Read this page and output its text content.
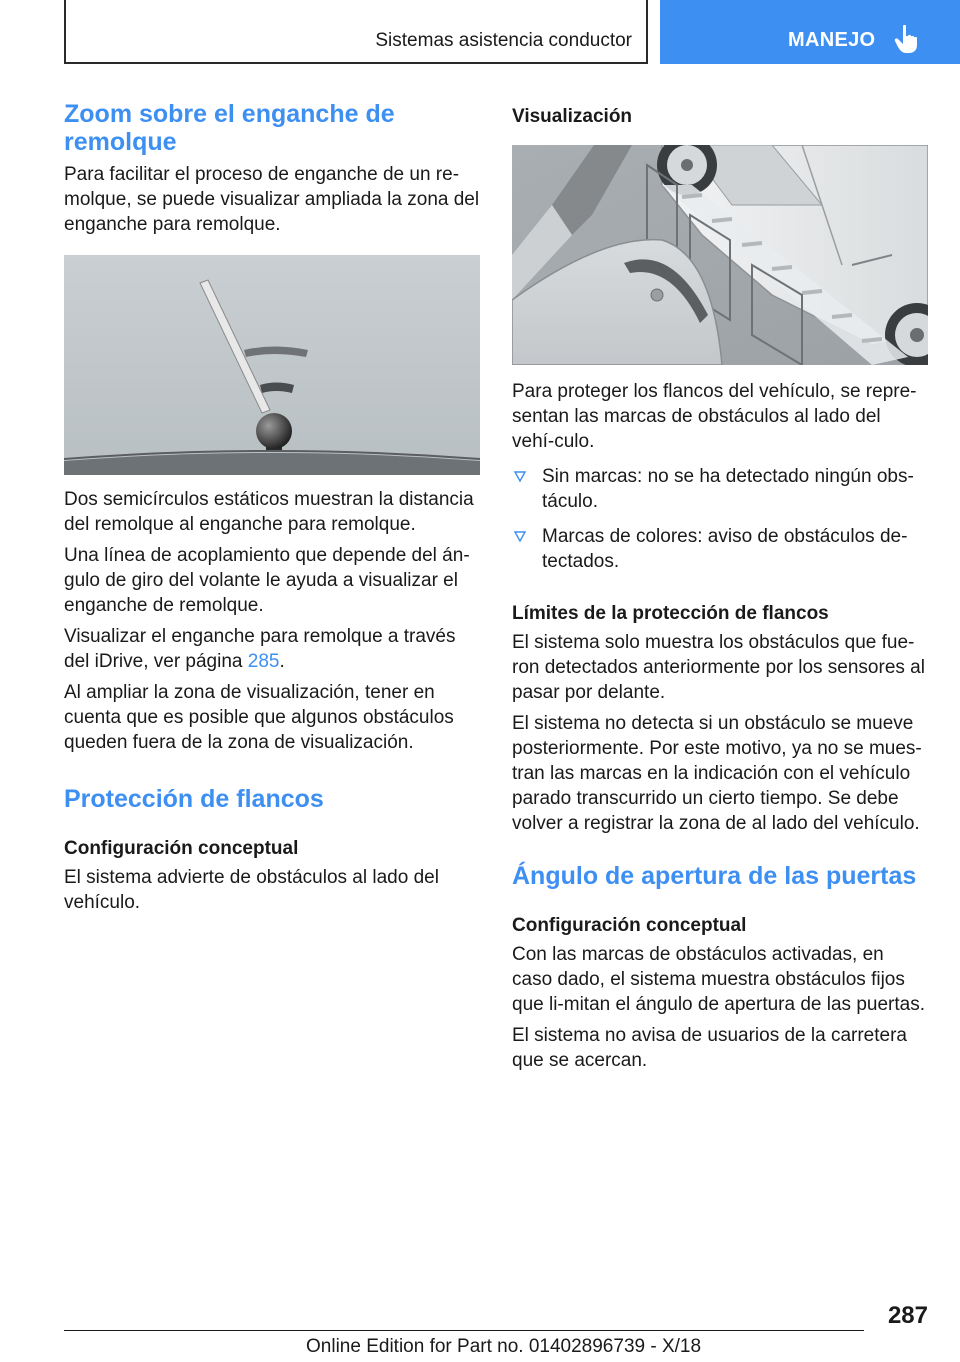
Sistemas asistencia conductor	MANEJO
Zoom sobre el enganche de
remolque

Para facilitar el proceso de enganche de un re-molque, se puede visualizar ampliada la zona del enganche para remolque.

Dos semicírculos estáticos muestran la distancia del remolque al enganche para remolque.

Una línea de acoplamiento que depende del án-gulo de giro del volante le ayuda a visualizar el enganche de remolque.

Visualizar el enganche para remolque a través del iDrive, ver página 285.

Al ampliar la zona de visualización, tener en cuenta que es posible que algunos obstáculos queden fuera de la zona de visualización.

Protección de flancos
Configuración conceptual

El sistema advierte de obstáculos al lado del vehículo.

Visualización

Para proteger los flancos del vehículo, se repre-sentan las marcas de obstáculos al lado del vehí-culo.

Sin marcas: no se ha detectado ningún obs-táculo.
Marcas de colores: aviso de obstáculos de-tectados.
Límites de la protección de flancos

El sistema solo muestra los obstáculos que fue-ron detectados anteriormente por los sensores al pasar por delante.

El sistema no detecta si un obstáculo se mueve posteriormente. Por este motivo, ya no se mues-tran las marcas en la indicación con el vehículo parado transcurrido un cierto tiempo. Se debe volver a registrar la zona de al lado del vehículo.

Ángulo de apertura de las puertas
Configuración conceptual

Con las marcas de obstáculos activadas, en caso dado, el sistema muestra obstáculos fijos que li-mitan el ángulo de apertura de las puertas.

El sistema no avisa de usuarios de la carretera que se acercan.

287
Online Edition for Part no. 01402896739 - X/18
